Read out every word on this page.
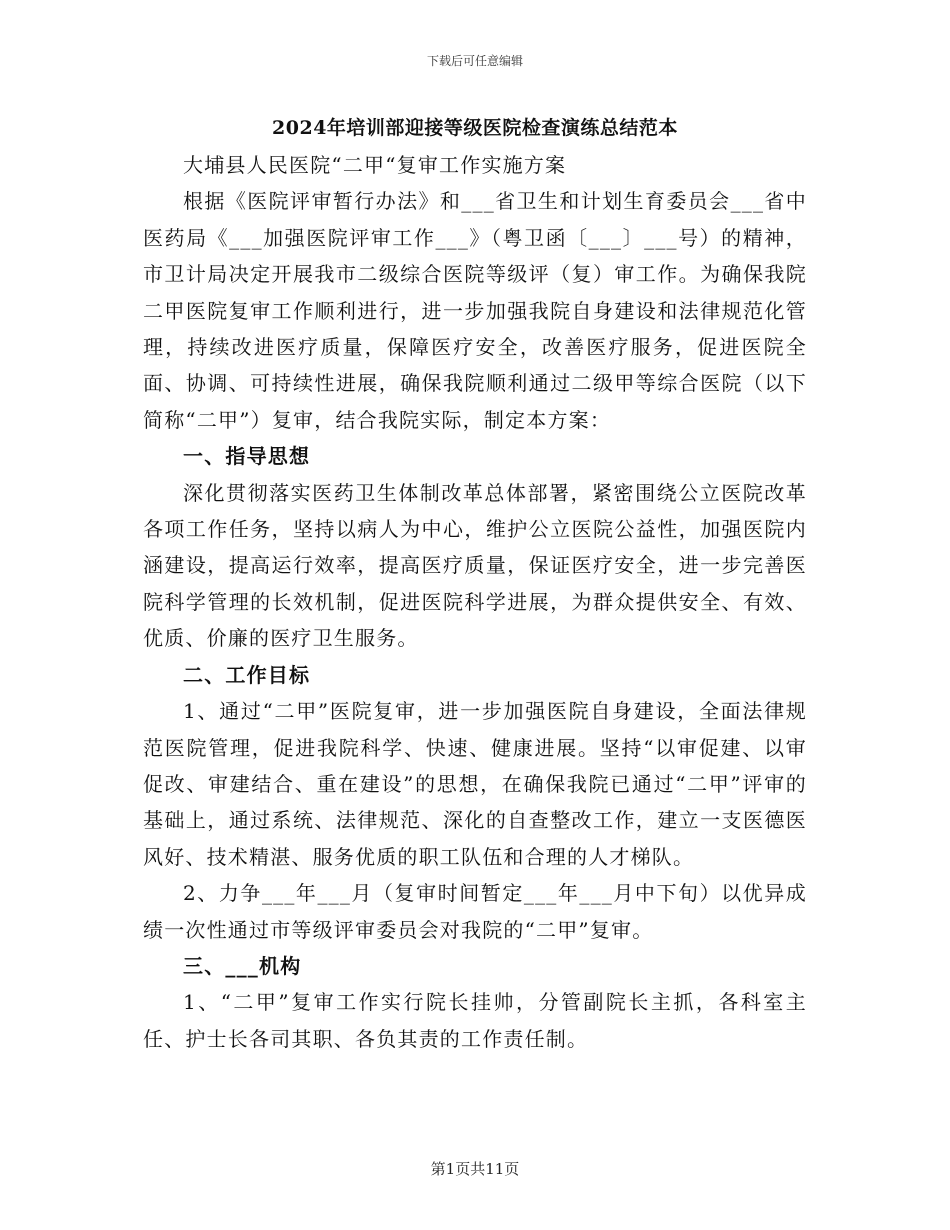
下载后可任意编辑
2024年培训部迎接等级医院检查演练总结范本

大埔县人民医院“二甲“复审工作实施方案

根据《医院评审暂行办法》和___省卫生和计划生育委员会___省中医药局《___加强医院评审工作___》（粤卫函〔___〕___号）的精神，市卫计局决定开展我市二级综合医院等级评（复）审工作。为确保我院二甲医院复审工作顺利进行，进一步加强我院自身建设和法律规范化管理，持续改进医疗质量，保障医疗安全，改善医疗服务，促进医院全面、协调、可持续性进展，确保我院顺利通过二级甲等综合医院（以下简称“二甲”）复审，结合我院实际，制定本方案：

一、指导思想

深化贯彻落实医药卫生体制改革总体部署，紧密围绕公立医院改革各项工作任务，坚持以病人为中心，维护公立医院公益性，加强医院内涵建设，提高运行效率，提高医疗质量，保证医疗安全，进一步完善医院科学管理的长效机制，促进医院科学进展，为群众提供安全、有效、优质、价廉的医疗卫生服务。

二、工作目标

1、通过“二甲”医院复审，进一步加强医院自身建设，全面法律规范医院管理，促进我院科学、快速、健康进展。坚持“以审促建、以审促改、审建结合、重在建设”的思想，在确保我院已通过“二甲”评审的基础上，通过系统、法律规范、深化的自查整改工作，建立一支医德医风好、技术精湛、服务优质的职工队伍和合理的人才梯队。

2、力争___年___月（复审时间暂定___年___月中下旬）以优异成绩一次性通过市等级评审委员会对我院的“二甲”复审。

三、___机构

1、“二甲”复审工作实行院长挂帅，分管副院长主抓，各科室主任、护士长各司其职、各负其责的工作责任制。

第1页共11页
